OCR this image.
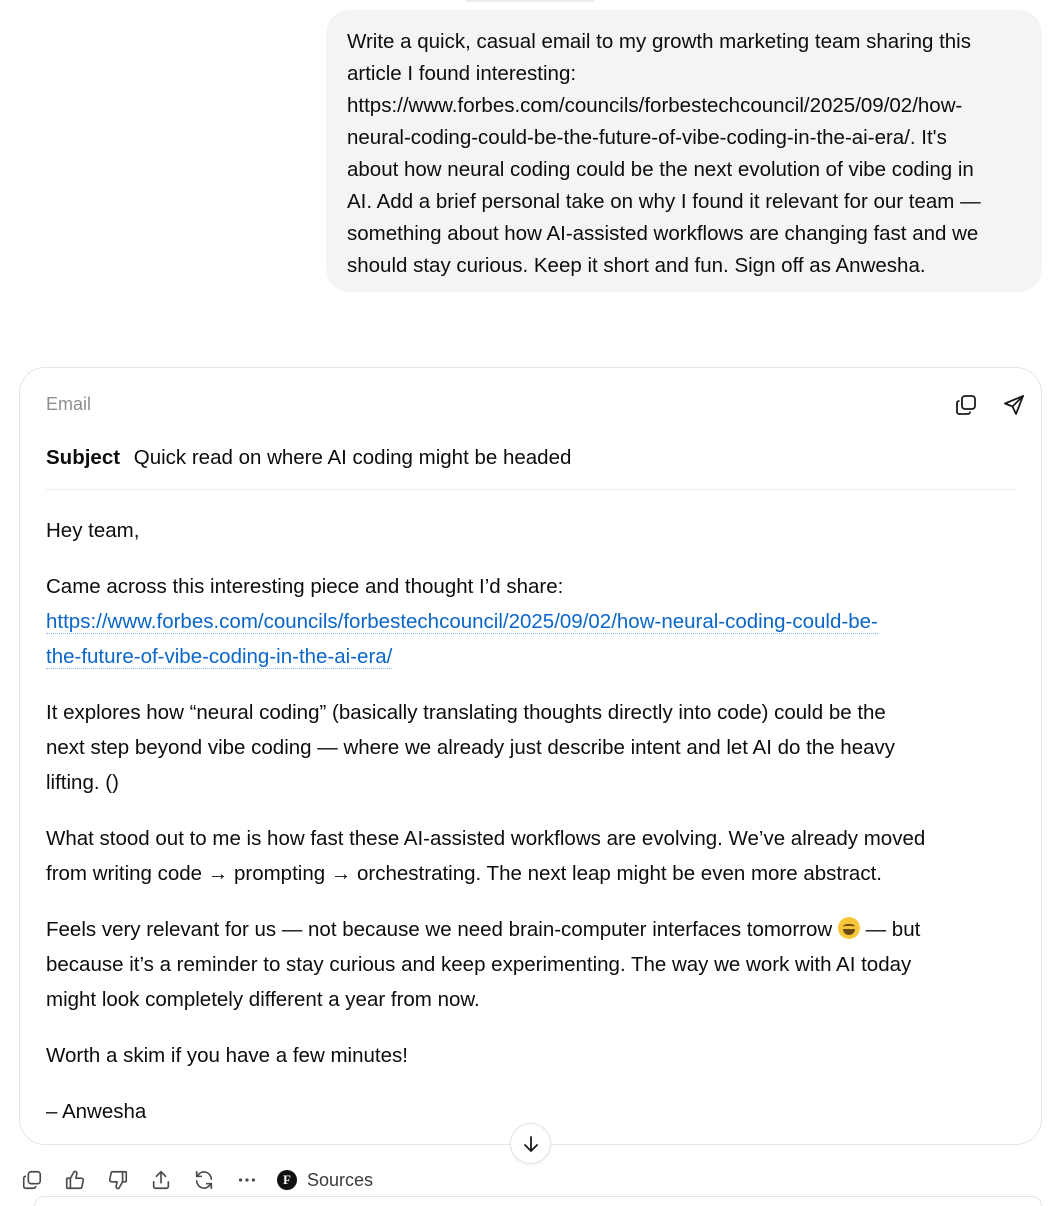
Write a quick, casual email to my growth marketing team sharing this
article I found interesting:
https://www.forbes.com/councils/forbestechcouncil/2025/09/02/how-
neural-coding-could-be-the-future-of-vibe-coding-in-the-ai-era/. It's
about how neural coding could be the next evolution of vibe coding in
AI. Add a brief personal take on why I found it relevant for our team —
something about how AI-assisted workflows are changing fast and we
should stay curious. Keep it short and fun. Sign off as Anwesha.
Email
Subject Quick read on where AI coding might be headed

Hey team,

Came across this interesting piece and thought I’d share:
https://www.forbes.com/councils/forbestechcouncil/2025/09/02/how-neural-coding-could-be-
the-future-of-vibe-coding-in-the-ai-era/

It explores how “neural coding” (basically translating thoughts directly into code) could be the
next step beyond vibe coding — where we already just describe intent and let AI do the heavy
lifting. ()

What stood out to me is how fast these AI-assisted workflows are evolving. We’ve already moved
from writing code → prompting → orchestrating. The next leap might be even more abstract.

Feels very relevant for us — not because we need brain-computer interfaces tomorrow — but
because it’s a reminder to stay curious and keep experimenting. The way we work with AI today
might look completely different a year from now.

Worth a skim if you have a few minutes!

– Anwesha

F Sources
